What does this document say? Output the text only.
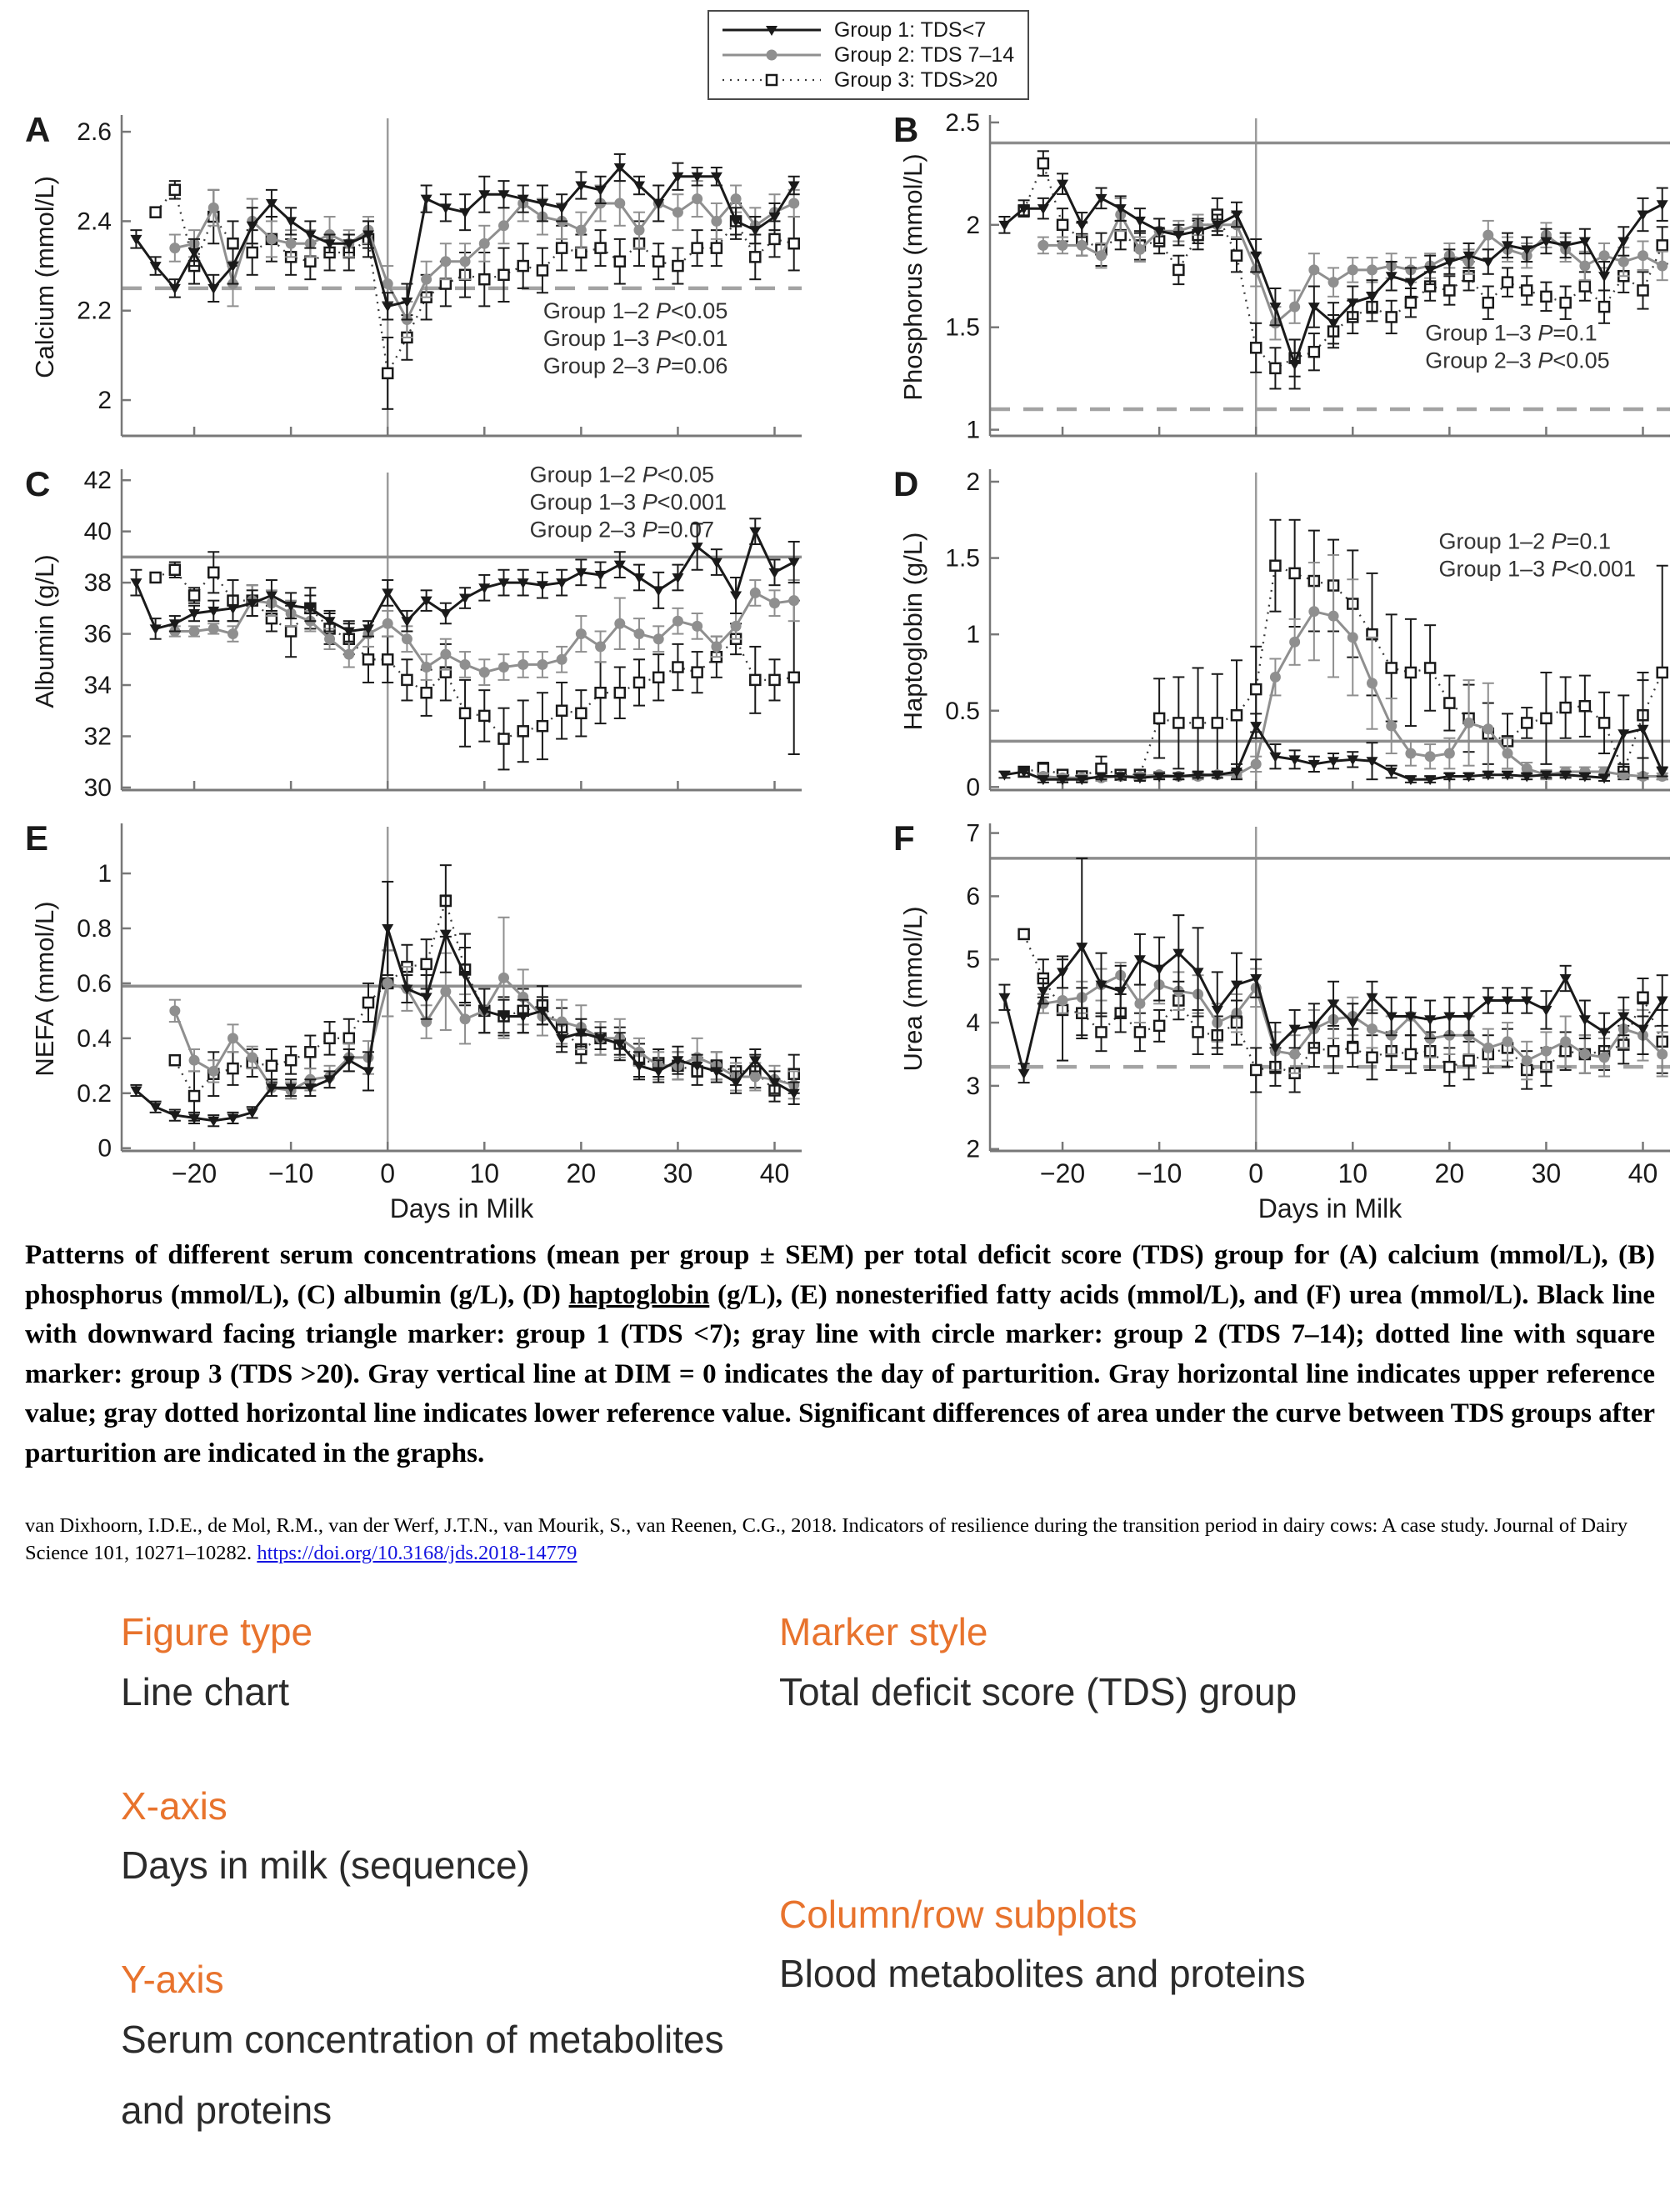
Group 1: TDS<7
Group 2: TDS 7–14
Group 3: TDS>20
A
Calcium (mmol/L)
2
2.2
2.4
2.6
Group 1–2 P<0.05
Group 1–3 P<0.01
Group 2–3 P=0.06
B
Phosphorus (mmol/L)
1
1.5
2
2.5
Group 1–3 P=0.1
Group 2–3 P<0.05
C
Albumin (g/L)
30
32
34
36
38
40
42	Group 1–2 P<0.05
Group 1–3 P<0.001
Group 2–3 P=0.07
D
Haptoglobin (g/L)
0
0.5
1
1.5
2
Group 1–2 P=0.1
Group 1–3 P<0.001
E
NEFA (mmol/L)
0
0.2
0.4
0.6
0.8
1
−20 −10	0	10	20	30	40
Days in Milk
F
Urea (mmol/L)
2
3
4
5
6
7
−20 −10	0	10	20	30	40
Days in Milk
Patterns of different serum concentrations (mean per group ± SEM) per total deficit score (TDS) group for (A) calcium (mmol/L), (B) phosphorus (mmol/L), (C) albumin (g/L), (D) haptoglobin (g/L), (E) nonesterified fatty acids (mmol/L), and (F) urea (mmol/L). Black line with downward facing triangle marker: group 1 (TDS <7); gray line with circle marker: group 2 (TDS 7–14); dotted line with square marker: group 3 (TDS >20). Gray vertical line at DIM = 0 indicates the day of parturition. Gray horizontal line indicates upper reference value; gray dotted horizontal line indicates lower reference value. Significant differences of area under the curve between TDS groups after parturition are indicated in the graphs.
van Dixhoorn, I.D.E., de Mol, R.M., van der Werf, J.T.N., van Mourik, S., van Reenen, C.G., 2018. Indicators of resilience during the transition period in dairy cows: A case study. Journal of Dairy Science 101, 10271–10282. https://doi.org/10.3168/jds.2018-14779
Figure type
Line chart
X-axis
Days in milk (sequence)
Y-axis
Serum concentration of metabolites and proteins
Marker style
Total deficit score (TDS) group
Column/row subplots
Blood metabolites and proteins
